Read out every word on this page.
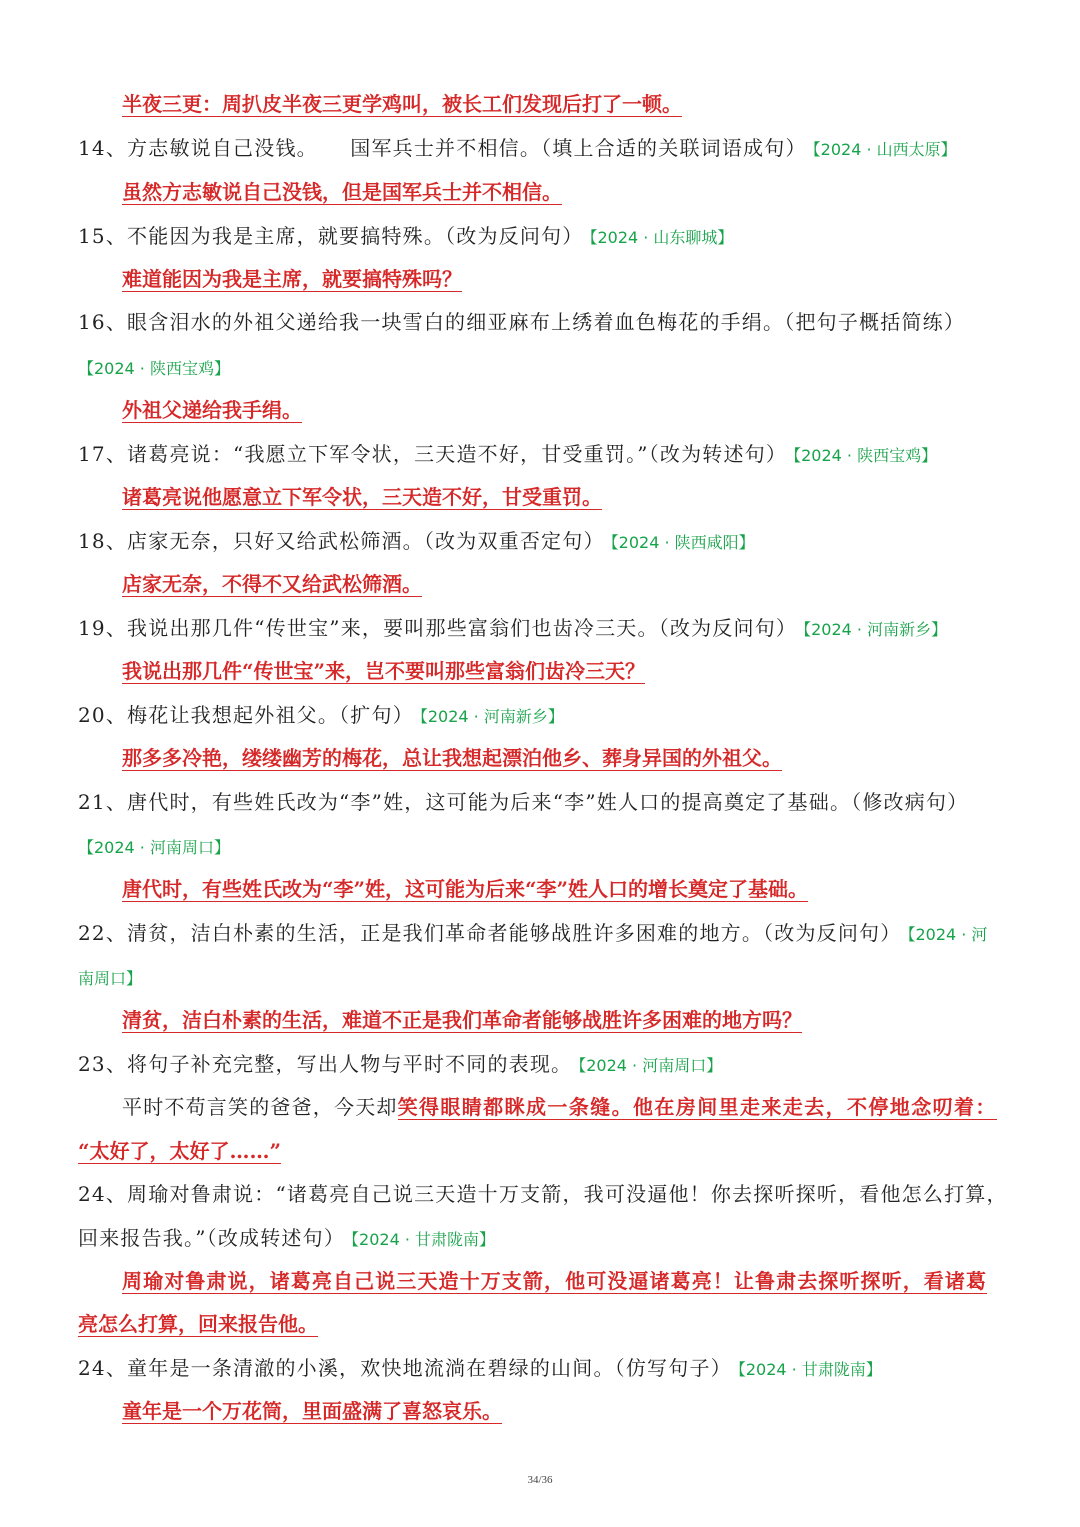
半夜三更：周扒皮半夜三更学鸡叫，被长工们发现后打了一顿。
14、方志敏说自己没钱。　　国军兵士并不相信。（填上合适的关联词语成句） 【2024 · 山西太原】
虽然方志敏说自己没钱，但是国军兵士并不相信。
15、不能因为我是主席，就要搞特殊。（改为反问句） 【2024 · 山东聊城】
难道能因为我是主席，就要搞特殊吗？
16、眼含泪水的外祖父递给我一块雪白的细亚麻布上绣着血色梅花的手绢。（把句子概括简练）
【2024 · 陕西宝鸡】
外祖父递给我手绢。
17、诸葛亮说：“我愿立下军令状，三天造不好，甘受重罚。”（改为转述句） 【2024 · 陕西宝鸡】
诸葛亮说他愿意立下军令状，三天造不好，甘受重罚。
18、店家无奈，只好又给武松筛酒。（改为双重否定句） 【2024 · 陕西咸阳】
店家无奈，不得不又给武松筛酒。
19、我说出那几件“传世宝”来，要叫那些富翁们也齿冷三天。（改为反问句） 【2024 · 河南新乡】
我说出那几件“传世宝”来，岂不要叫那些富翁们齿冷三天？
20、梅花让我想起外祖父。（扩句） 【2024 · 河南新乡】
那多多冷艳，缕缕幽芳的梅花，总让我想起漂泊他乡、葬身异国的外祖父。
21、唐代时，有些姓氏改为“李”姓，这可能为后来“李”姓人口的提高奠定了基础。（修改病句）
【2024 · 河南周口】
唐代时，有些姓氏改为“李”姓，这可能为后来“李”姓人口的增长奠定了基础。
22、清贫，洁白朴素的生活，正是我们革命者能够战胜许多困难的地方。（改为反问句） 【2024 · 河
南周口】
清贫，洁白朴素的生活，难道不正是我们革命者能够战胜许多困难的地方吗？
23、将句子补充完整，写出人物与平时不同的表现。 【2024 · 河南周口】
平时不苟言笑的爸爸，今天却笑得眼睛都眯成一条缝。他在房间里走来走去，不停地念叨着：
“太好了，太好了……”
24、周瑜对鲁肃说：“诸葛亮自己说三天造十万支箭，我可没逼他！你去探听探听，看他怎么打算，
回来报告我。”（改成转述句） 【2024 · 甘肃陇南】
周瑜对鲁肃说，诸葛亮自己说三天造十万支箭，他可没逼诸葛亮！让鲁肃去探听探听，看诸葛
亮怎么打算，回来报告他。
24、童年是一条清澈的小溪，欢快地流淌在碧绿的山间。（仿写句子） 【2024 · 甘肃陇南】
童年是一个万花筒，里面盛满了喜怒哀乐。
34/36
